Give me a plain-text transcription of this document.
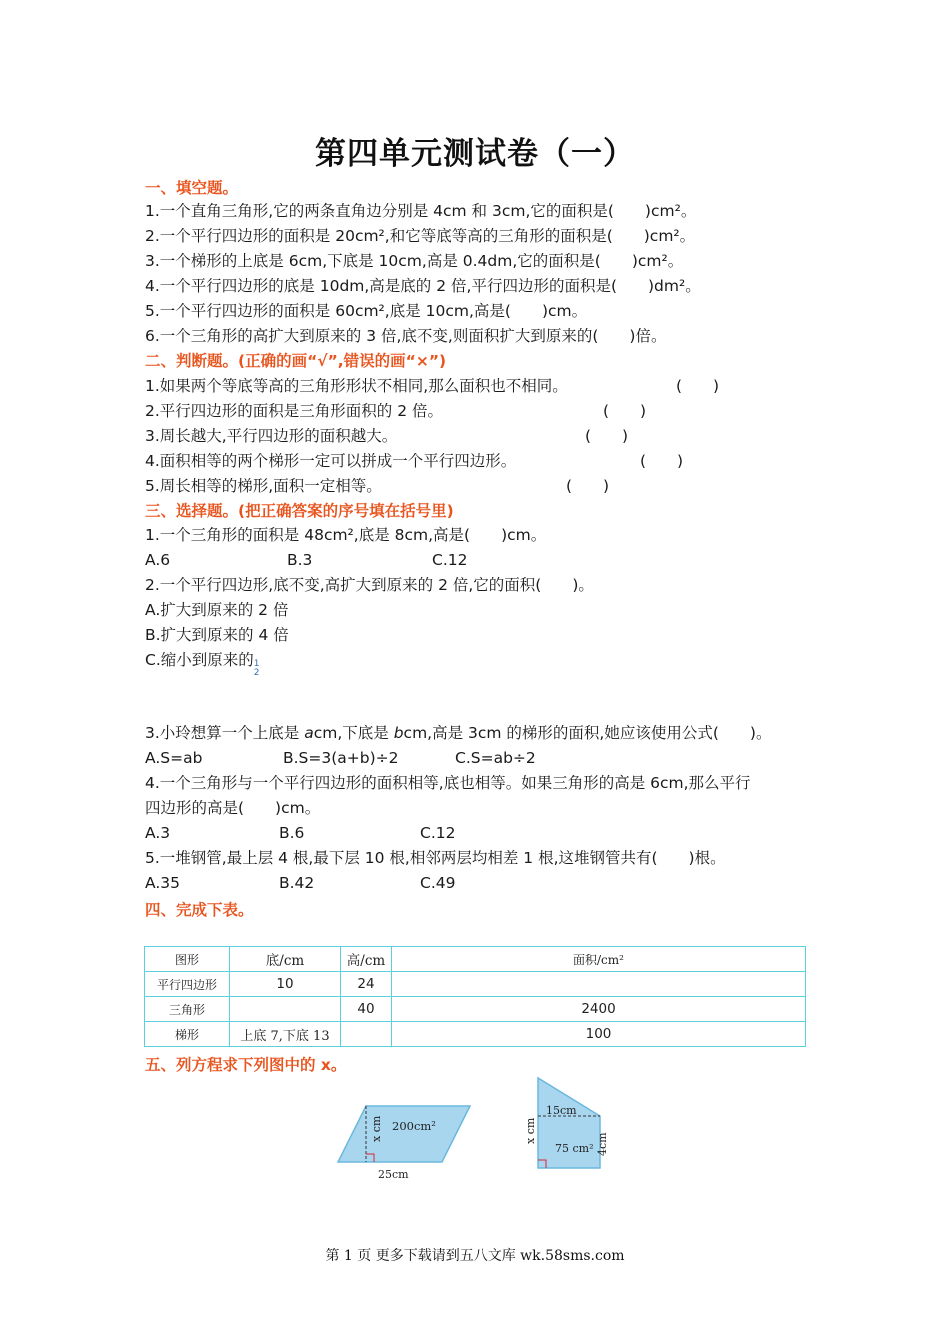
第四单元测试卷（一）
一、填空题。
1.一个直角三角形,它的两条直角边分别是 4cm 和 3cm,它的面积是(　　)cm²。
2.一个平行四边形的面积是 20cm²,和它等底等高的三角形的面积是(　　)cm²。
3.一个梯形的上底是 6cm,下底是 10cm,高是 0.4dm,它的面积是(　　)cm²。
4.一个平行四边形的底是 10dm,高是底的 2 倍,平行四边形的面积是(　　)dm²。
5.一个平行四边形的面积是 60cm²,底是 10cm,高是(　　)cm。
6.一个三角形的高扩大到原来的 3 倍,底不变,则面积扩大到原来的(　　)倍。
二、判断题。(正确的画“√”,错误的画“×”)
1.如果两个等底等高的三角形形状不相同,那么面积也不相同。	(　　)
2.平行四边形的面积是三角形面积的 2 倍。	(　　)
3.周长越大,平行四边形的面积越大。	(　　)
4.面积相等的两个梯形一定可以拼成一个平行四边形。	(　　)
5.周长相等的梯形,面积一定相等。	(　　)
三、选择题。(把正确答案的序号填在括号里)
1.一个三角形的面积是 48cm²,底是 8cm,高是(　　)cm。
A.6	B.3	C.12
2.一个平行四边形,底不变,高扩大到原来的 2 倍,它的面积(　　)。
A.扩大到原来的 2 倍
B.扩大到原来的 4 倍
C.缩小到原来的 1
2
3.小玲想算一个上底是 acm,下底是 bcm,高是 3cm 的梯形的面积,她应该使用公式(　　)。
A.S=ab	B.S=3(a+b)÷2	C.S=ab÷2
4.一个三角形与一个平行四边形的面积相等,底也相等。如果三角形的高是 6cm,那么平行
四边形的高是(　　)cm。
A.3	B.6	C.12
5.一堆钢管,最上层 4 根,最下层 10 根,相邻两层均相差 1 根,这堆钢管共有(　　)根。
A.35	B.42	C.49
四、完成下表。
图形	底/cm	高/cm	面积/cm²
平行四边形	10	24	
三角形		40	2400
梯形	上底 7,下底 13		100
五、列方程求下列图中的 x。
x cm 200cm²
25cm
15cm
x cm
75 cm² 4cm
第 1 页 更多下载请到五八文库 wk.58sms.com
